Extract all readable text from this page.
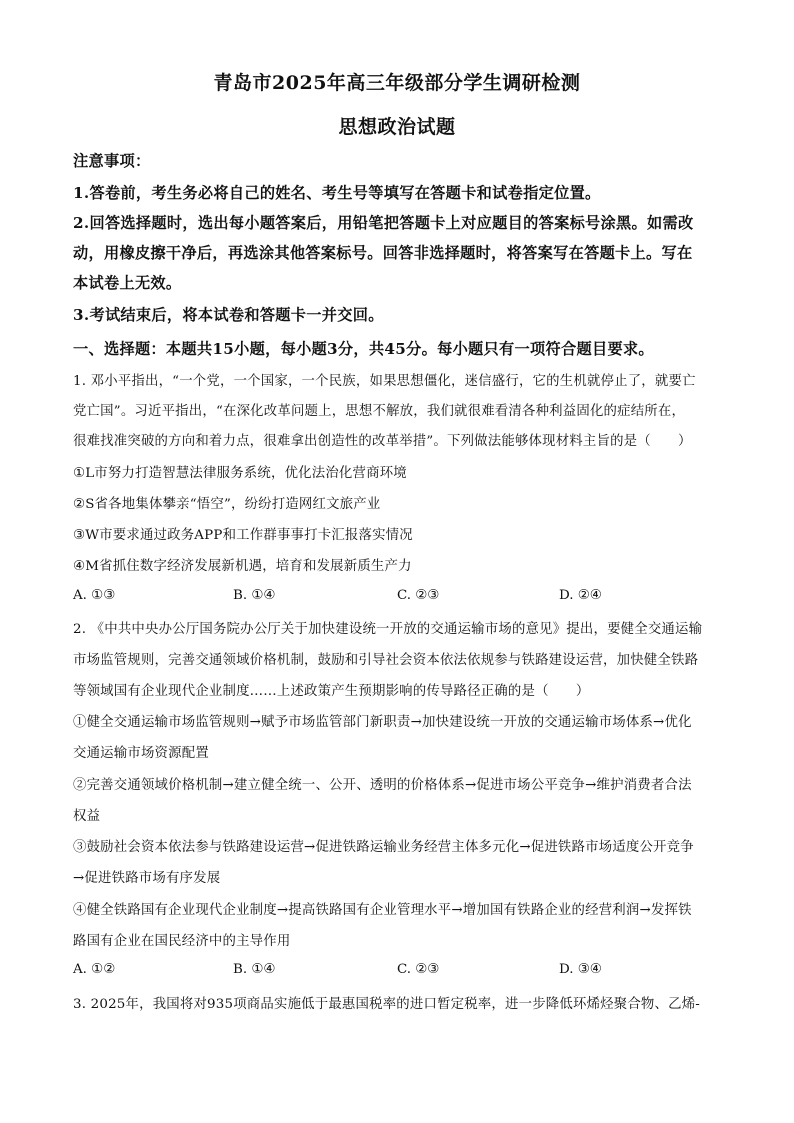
青岛市2025年高三年级部分学生调研检测
思想政治试题
注意事项：
1.答卷前，考生务必将自己的姓名、考生号等填写在答题卡和试卷指定位置。
2.回答选择题时，选出每小题答案后，用铅笔把答题卡上对应题目的答案标号涂黑。如需改
动，用橡皮擦干净后，再选涂其他答案标号。回答非选择题时，将答案写在答题卡上。写在
本试卷上无效。
3.考试结束后，将本试卷和答题卡一并交回。
一、选择题：本题共15小题，每小题3分，共45分。每小题只有一项符合题目要求。
1. 邓小平指出，“一个党，一个国家，一个民族，如果思想僵化，迷信盛行，它的生机就停止了，就要亡
党亡国”。习近平指出，“在深化改革问题上，思想不解放，我们就很难看清各种利益固化的症结所在，
很难找准突破的方向和着力点，很难拿出创造性的改革举措”。下列做法能够体现材料主旨的是（　　）
①L市努力打造智慧法律服务系统，优化法治化营商环境
②S省各地集体攀亲“悟空”，纷纷打造网红文旅产业
③W市要求通过政务APP和工作群事事打卡汇报落实情况
④M省抓住数字经济发展新机遇，培育和发展新质生产力
A. ①③	B. ①④	C. ②③	D. ②④
2. 《中共中央办公厅国务院办公厅关于加快建设统一开放的交通运输市场的意见》提出，要健全交通运输
市场监管规则，完善交通领域价格机制，鼓励和引导社会资本依法依规参与铁路建设运营，加快健全铁路
等领域国有企业现代企业制度……上述政策产生预期影响的传导路径正确的是（　　）
①健全交通运输市场监管规则→赋予市场监管部门新职责→加快建设统一开放的交通运输市场体系→优化
交通运输市场资源配置
②完善交通领域价格机制→建立健全统一、公开、透明的价格体系→促进市场公平竞争→维护消费者合法
权益
③鼓励社会资本依法参与铁路建设运营→促进铁路运输业务经营主体多元化→促进铁路市场适度公开竞争
→促进铁路市场有序发展
④健全铁路国有企业现代企业制度→提高铁路国有企业管理水平→增加国有铁路企业的经营利润→发挥铁
路国有企业在国民经济中的主导作用
A. ①②	B. ①④	C. ②③	D. ③④
3. 2025年，我国将对935项商品实施低于最惠国税率的进口暂定税率，进一步降低环烯烃聚合物、乙烯-
